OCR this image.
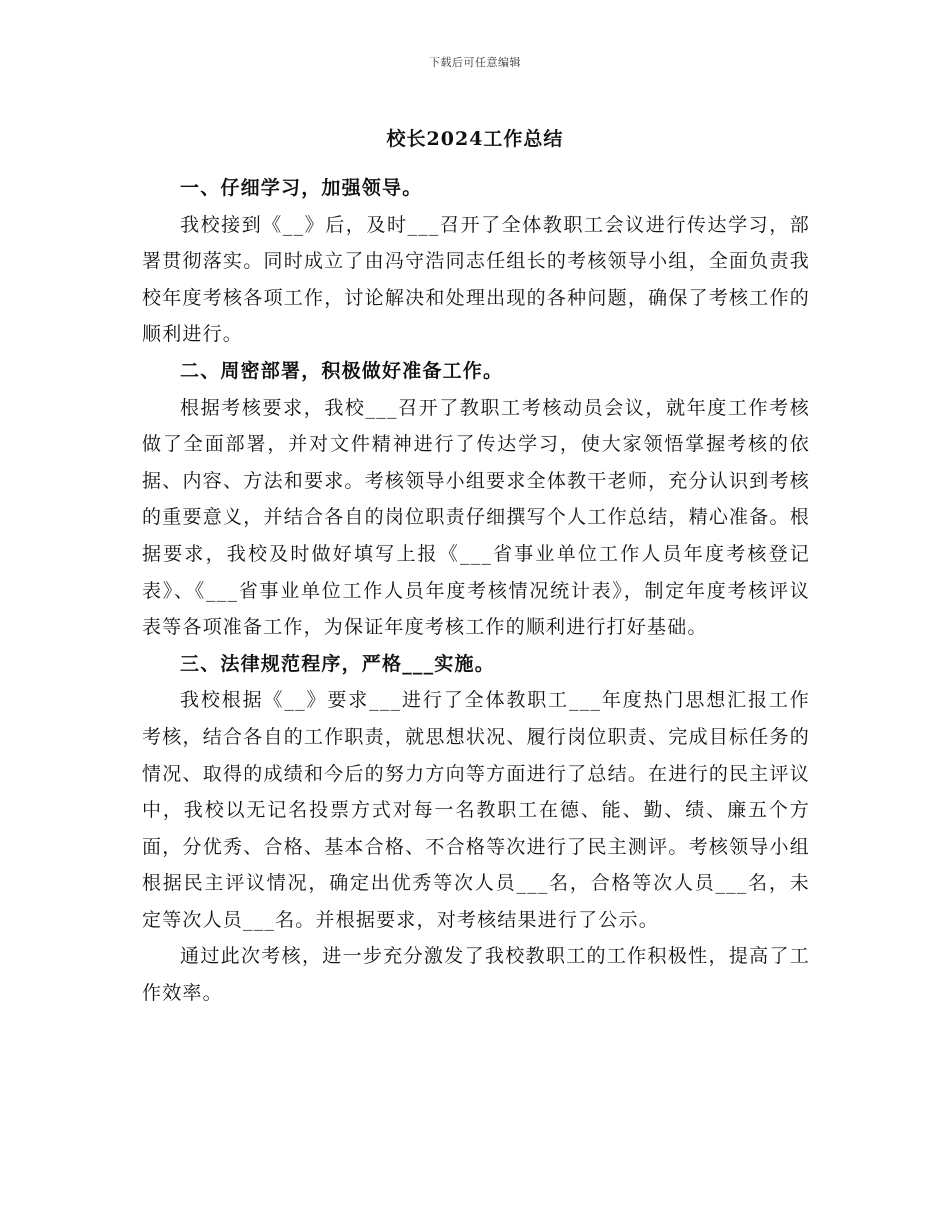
下载后可任意编辑
校长2024工作总结
一、仔细学习，加强领导。

我校接到《__》后，及时___召开了全体教职工会议进行传达学习，部署贯彻落实。同时成立了由冯守浩同志任组长的考核领导小组，全面负责我校年度考核各项工作，讨论解决和处理出现的各种问题，确保了考核工作的顺利进行。

二、周密部署，积极做好准备工作。

根据考核要求，我校___召开了教职工考核动员会议，就年度工作考核做了全面部署，并对文件精神进行了传达学习，使大家领悟掌握考核的依据、内容、方法和要求。考核领导小组要求全体教干老师，充分认识到考核的重要意义，并结合各自的岗位职责仔细撰写个人工作总结，精心准备。根据要求，我校及时做好填写上报《___省事业单位工作人员年度考核登记表》、《___省事业单位工作人员年度考核情况统计表》，制定年度考核评议表等各项准备工作，为保证年度考核工作的顺利进行打好基础。

三、法律规范程序，严格___实施。

我校根据《__》要求___进行了全体教职工___年度热门思想汇报工作考核，结合各自的工作职责，就思想状况、履行岗位职责、完成目标任务的情况、取得的成绩和今后的努力方向等方面进行了总结。在进行的民主评议中，我校以无记名投票方式对每一名教职工在德、能、勤、绩、廉五个方面，分优秀、合格、基本合格、不合格等次进行了民主测评。考核领导小组根据民主评议情况，确定出优秀等次人员___名，合格等次人员___名，未定等次人员___名。并根据要求，对考核结果进行了公示。

通过此次考核，进一步充分激发了我校教职工的工作积极性，提高了工作效率。
